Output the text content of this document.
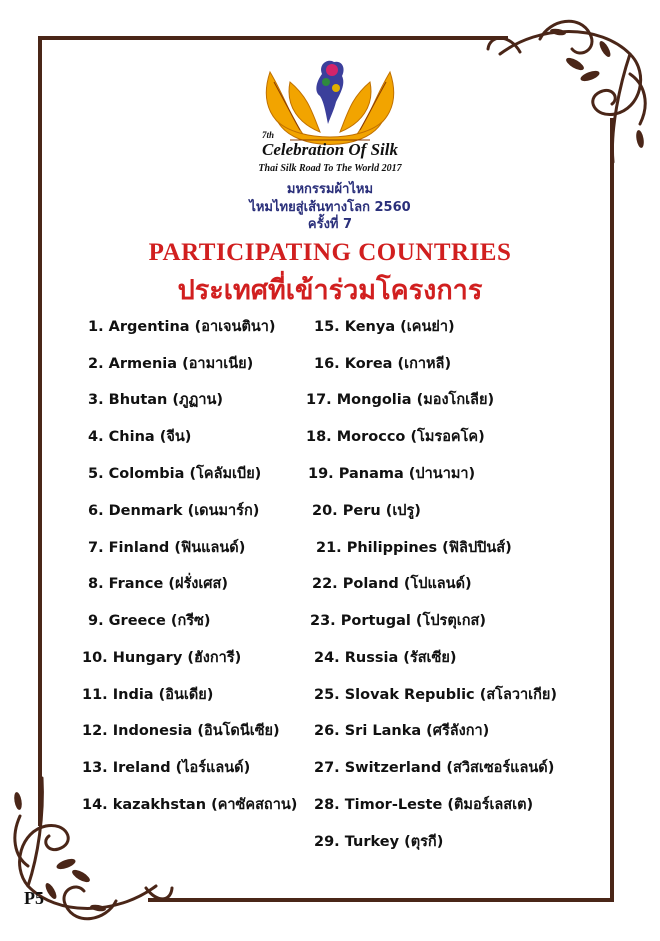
7th
Celebration Of Silk
Thai Silk Road To The World 2017
มหกรรมผ้าไหม
ไหมไทยสู่เส้นทางโลก 2560
ครั้งที่ 7
PARTICIPATING COUNTRIES
ประเทศที่เข้าร่วมโครงการ
1. Argentina (อาเจนตินา)
2. Armenia (อามาเนีย)
3. Bhutan (ภูฏาน)
4. China (จีน)
5. Colombia (โคลัมเบีย)
6. Denmark (เดนมาร์ก)
7. Finland (ฟินแลนด์)
8. France (ฝรั่งเศส)
9. Greece (กรีซ)
10. Hungary (ฮังการี)
11. India (อินเดีย)
12. Indonesia (อินโดนีเซีย)
13. Ireland (ไอร์แลนด์)
14. kazakhstan (คาซัคสถาน)
15. Kenya (เคนย่า)
16. Korea (เกาหลี)
17. Mongolia (มองโกเลีย)
18. Morocco (โมรอคโค)
19. Panama (ปานามา)
20. Peru (เปรู)
21. Philippines (ฟิลิปปินส์)
22. Poland (โปแลนด์)
23. Portugal (โปรตุเกส)
24. Russia (รัสเซีย)
25. Slovak Republic (สโลวาเกีย)
26. Sri Lanka (ศรีลังกา)
27. Switzerland (สวิสเซอร์แลนด์)
28. Timor-Leste (ติมอร์เลสเต)
29. Turkey (ตุรกี)
P5
